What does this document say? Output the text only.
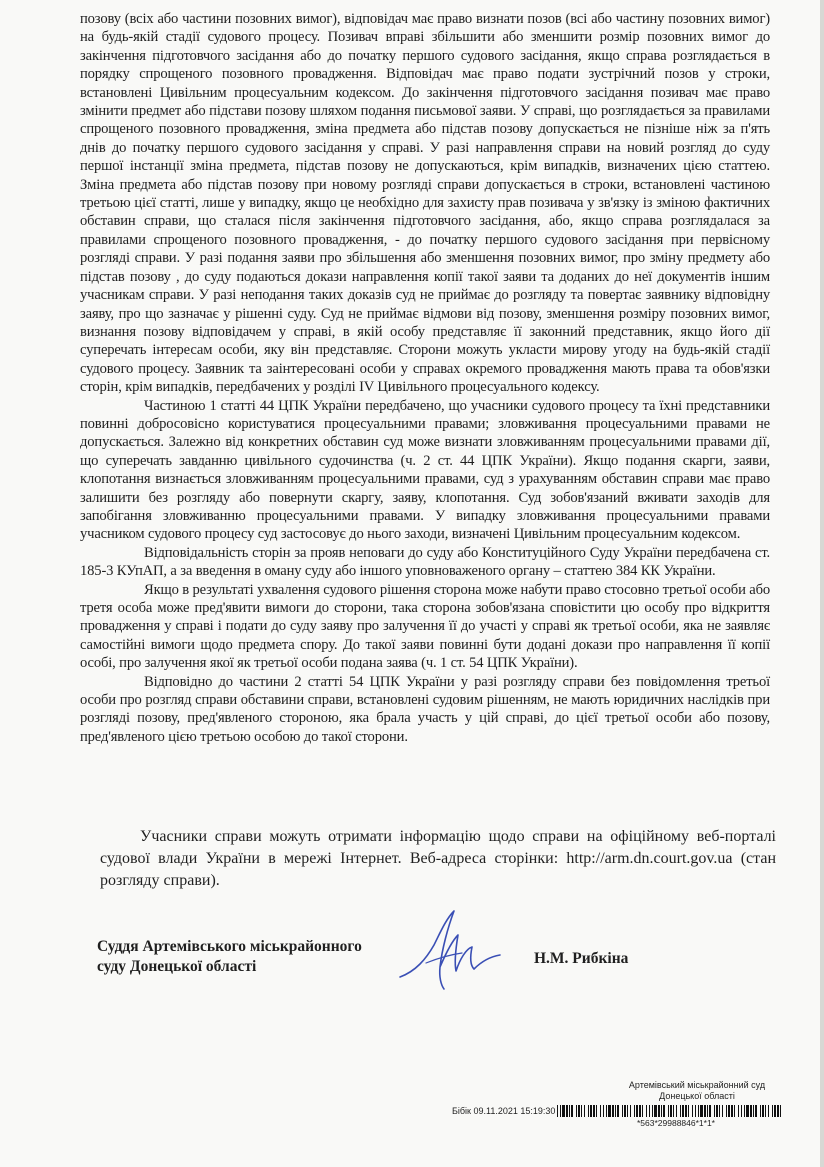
позову (всіх або частини позовних вимог), відповідач має право визнати позов (всі або частину позовних вимог) на будь-якій стадії судового процесу. Позивач вправі збільшити або зменшити розмір позовних вимог до закінчення підготовчого засідання або до початку першого судового засідання, якщо справа розглядається в порядку спрощеного позовного провадження. Відповідач має право подати зустрічний позов у строки, встановлені Цивільним процесуальним кодексом. До закінчення підготовчого засідання позивач має право змінити предмет або підстави позову шляхом подання письмової заяви. У справі, що розглядається за правилами спрощеного позовного провадження, зміна предмета або підстав позову допускається не пізніше ніж за п'ять днів до початку першого судового засідання у справі. У разі направлення справи на новий розгляд до суду першої інстанції зміна предмета, підстав позову не допускаються, крім випадків, визначених цією статтею. Зміна предмета або підстав позову при новому розгляді справи допускається в строки, встановлені частиною третьою цієї статті, лише у випадку, якщо це необхідно для захисту прав позивача у зв'язку із зміною фактичних обставин справи, що сталася після закінчення підготовчого засідання, або, якщо справа розглядалася за правилами спрощеного позовного провадження, - до початку першого судового засідання при первісному розгляді справи. У разі подання заяви про збільшення або зменшення позовних вимог, про зміну предмету або підстав позову , до суду подаються докази направлення копії такої заяви та доданих до неї документів іншим учасникам справи. У разі неподання таких доказів суд не приймає до розгляду та повертає заявнику відповідну заяву, про що зазначає у рішенні суду. Суд не приймає відмови від позову, зменшення розміру позовних вимог, визнання позову відповідачем у справі, в якій особу представляє її законний представник, якщо його дії суперечать інтересам особи, яку він представляє. Сторони можуть укласти мирову угоду на будь-якій стадії судового процесу. Заявник та заінтересовані особи у справах окремого провадження мають права та обов'язки сторін, крім випадків, передбачених у розділі IV Цивільного процесуального кодексу.

Частиною 1 статті 44 ЦПК України передбачено, що учасники судового процесу та їхні представники повинні добросовісно користуватися процесуальними правами; зловживання процесуальними правами не допускається. Залежно від конкретних обставин суд може визнати зловживанням процесуальними правами дії, що суперечать завданню цивільного судочинства (ч. 2 ст. 44 ЦПК України). Якщо подання скарги, заяви, клопотання визнається зловживанням процесуальними правами, суд з урахуванням обставин справи має право залишити без розгляду або повернути скаргу, заяву, клопотання. Суд зобов'язаний вживати заходів для запобігання зловживанню процесуальними правами. У випадку зловживання процесуальними правами учасником судового процесу суд застосовує до нього заходи, визначені Цивільним процесуальним кодексом.

Відповідальність сторін за прояв неповаги до суду або Конституційного Суду України передбачена ст. 185-3 КУпАП, а за введення в оману суду або іншого уповноваженого органу – статтею 384 КК України.

Якщо в результаті ухвалення судового рішення сторона може набути право стосовно третьої особи або третя особа може пред'явити вимоги до сторони, така сторона зобов'язана сповістити цю особу про відкриття провадження у справі і подати до суду заяву про залучення її до участі у справі як третьої особи, яка не заявляє самостійні вимоги щодо предмета спору. До такої заяви повинні бути додані докази про направлення її копії особі, про залучення якої як третьої особи подана заява (ч. 1 ст. 54 ЦПК України).

Відповідно до частини 2 статті 54 ЦПК України у разі розгляду справи без повідомлення третьої особи про розгляд справи обставини справи, встановлені судовим рішенням, не мають юридичних наслідків при розгляді позову, пред'явленого стороною, яка брала участь у цій справі, до цієї третьої особи або позову, пред'явленого цією третьою особою до такої сторони.

Учасники справи можуть отримати інформацію щодо справи на офіційному веб-порталі судової влади України в мережі Інтернет. Веб-адреса сторінки: http://arm.dn.court.gov.ua (стан розгляду справи).

Суддя Артемівського міськрайонного
суду Донецької області	Н.М. Рибкіна
Артемівський міськрайонний суд
Донецької області
Бібік 09.11.2021 15:19:30
*563*29988846*1*1*
